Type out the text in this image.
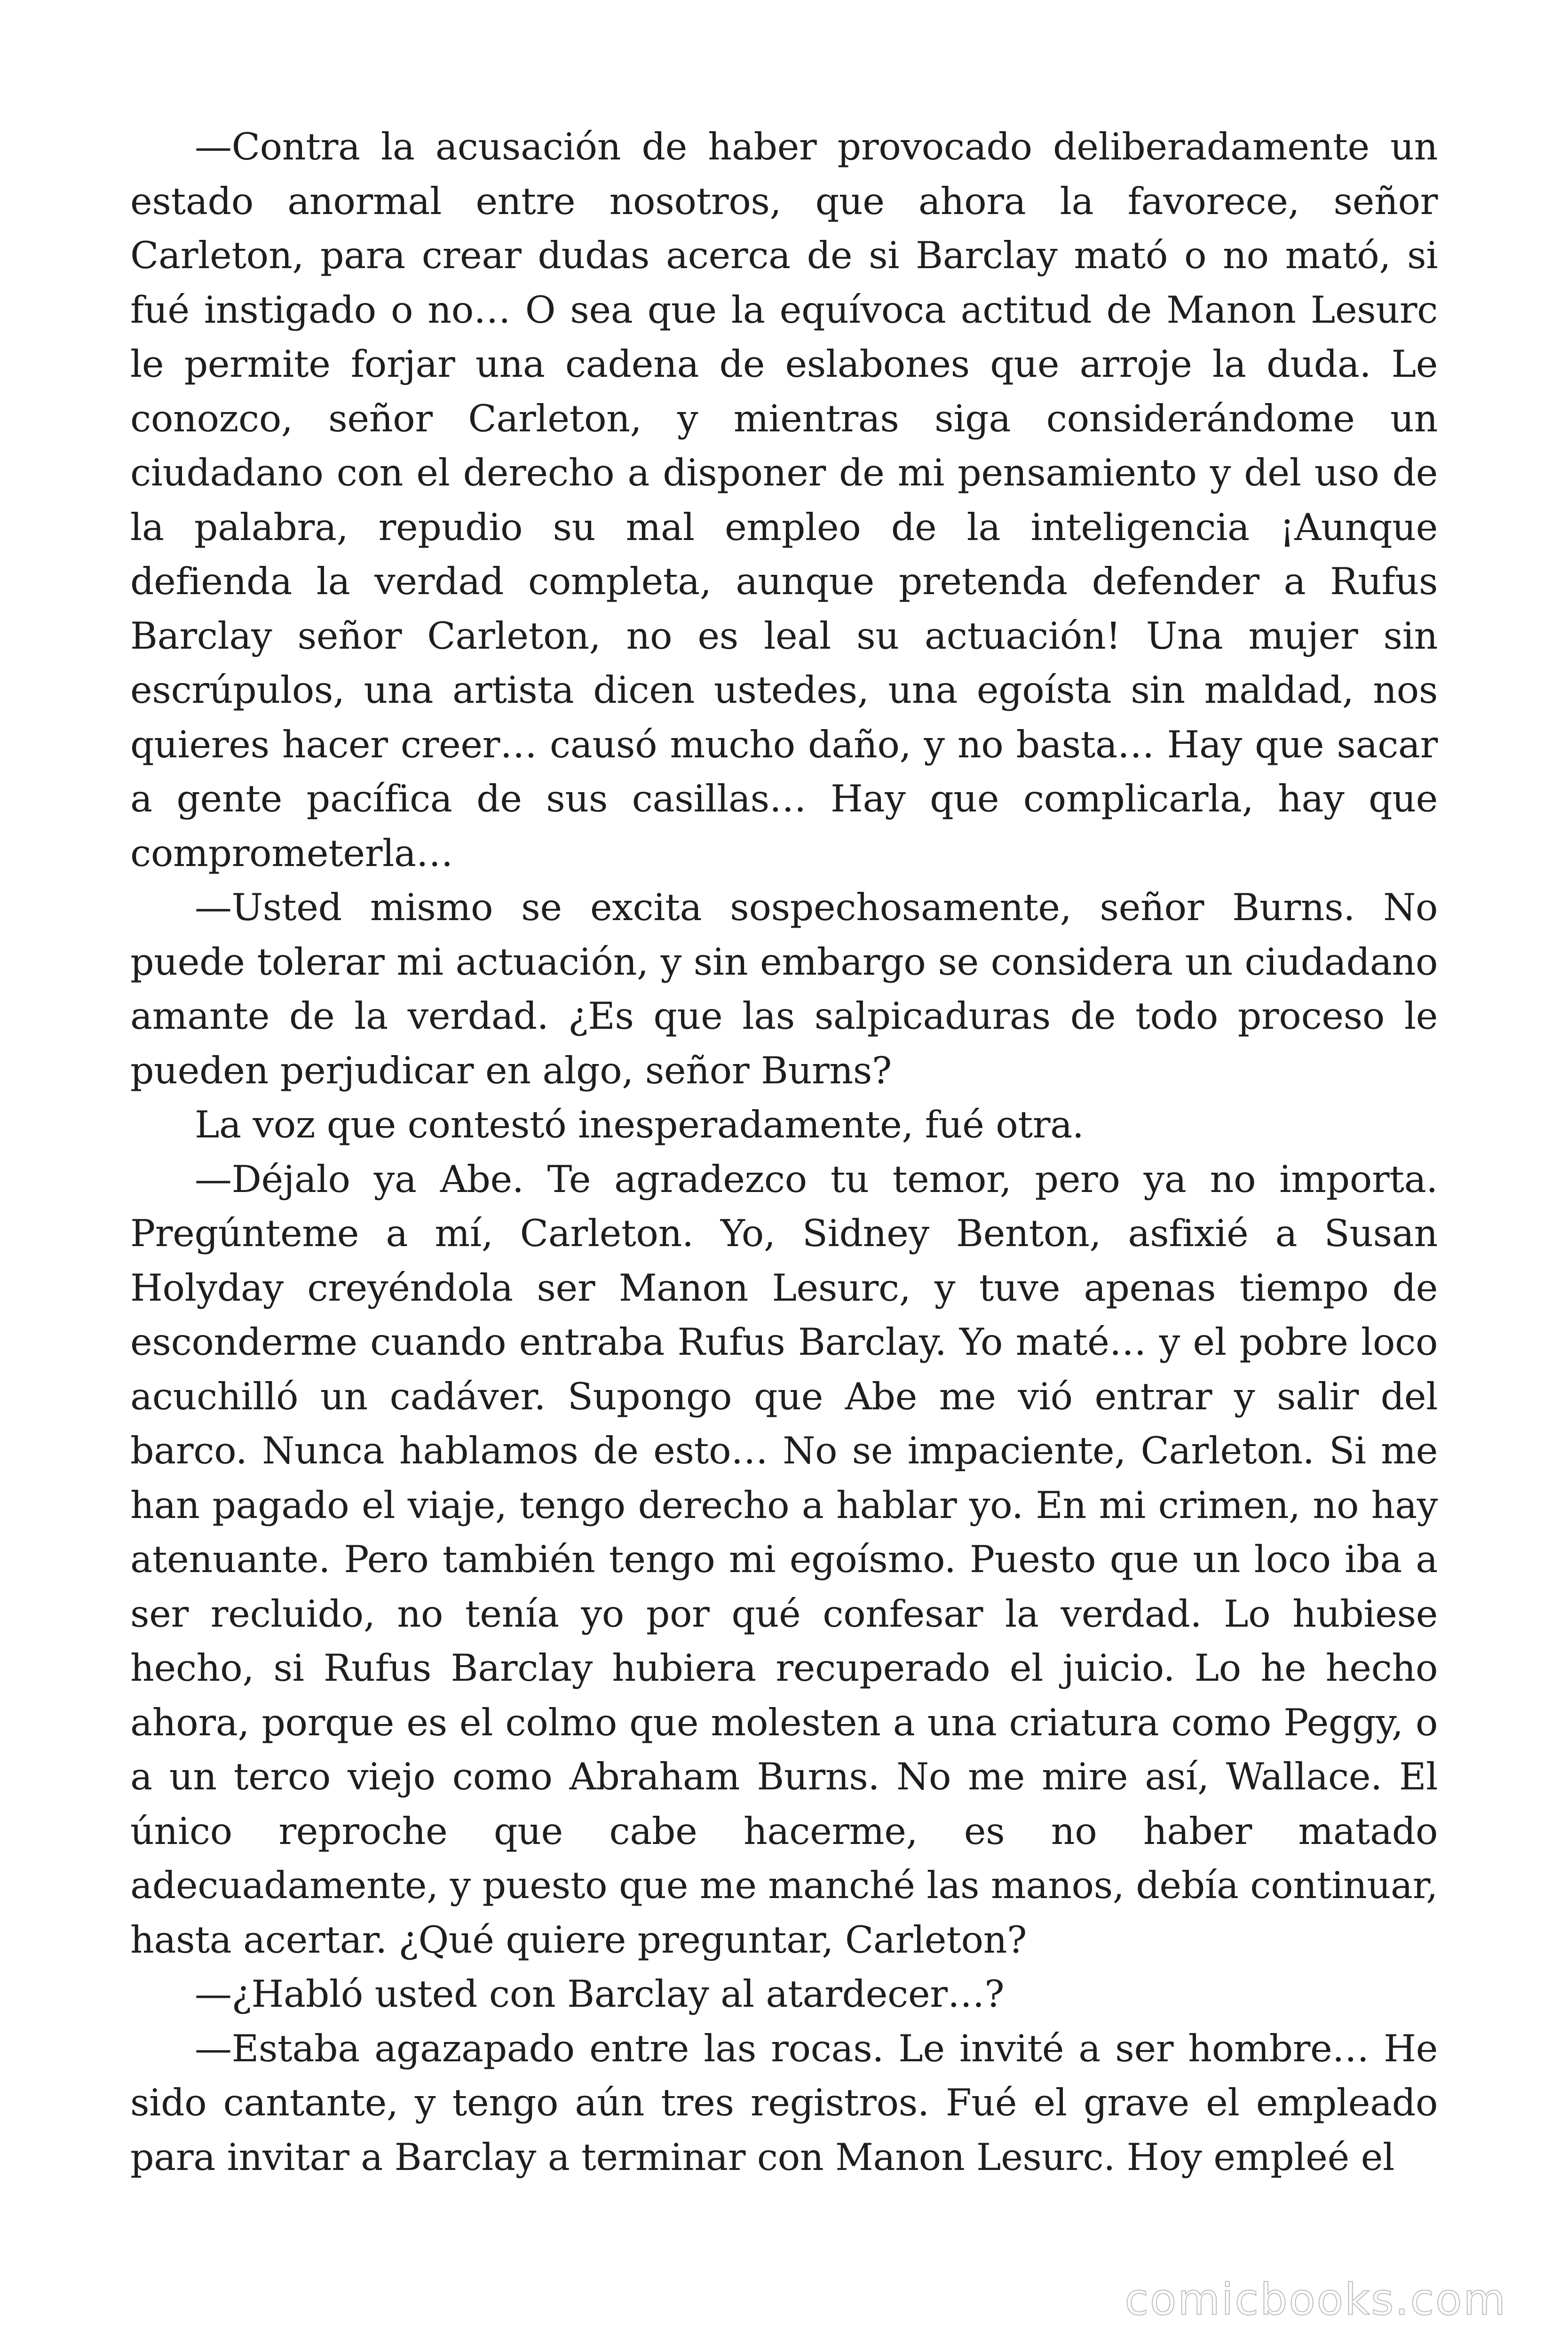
—Contra la acusación de haber provocado deliberadamente un estado anormal entre nosotros, que ahora la favorece, señor Carleton, para crear dudas acerca de si Barclay mató o no mató, si fué instigado o no… O sea que la equívoca actitud de Manon Lesurc le permite forjar una cadena de eslabones que arroje la duda. Le conozco, señor Carleton, y mientras siga considerándome un ciudadano con el derecho a disponer de mi pensamiento y del uso de la palabra, repudio su mal empleo de la inteligencia ¡Aunque defienda la verdad completa, aunque pretenda defender a Rufus Barclay señor Carleton, no es leal su actuación! Una mujer sin escrúpulos, una artista dicen ustedes, una egoísta sin maldad, nos quieres hacer creer… causó mucho daño, y no basta… Hay que sacar a gente pacífica de sus casillas… Hay que complicarla, hay que comprometerla…

—Usted mismo se excita sospechosamente, señor Burns. No puede tolerar mi actuación, y sin embargo se considera un ciudadano amante de la verdad. ¿Es que las salpicaduras de todo proceso le pueden perjudicar en algo, señor Burns?

La voz que contestó inesperadamente, fué otra.

—Déjalo ya Abe. Te agradezco tu temor, pero ya no importa. Pregúnteme a mí, Carleton. Yo, Sidney Benton, asfixié a Susan Holyday creyéndola ser Manon Lesurc, y tuve apenas tiempo de esconderme cuando entraba Rufus Barclay. Yo maté… y el pobre loco acuchilló un cadáver. Supongo que Abe me vió entrar y salir del barco. Nunca hablamos de esto… No se impaciente, Carleton. Si me han pagado el viaje, tengo derecho a hablar yo. En mi crimen, no hay atenuante. Pero también tengo mi egoísmo. Puesto que un loco iba a ser recluido, no tenía yo por qué confesar la verdad. Lo hubiese hecho, si Rufus Barclay hubiera recuperado el juicio. Lo he hecho ahora, porque es el colmo que molesten a una criatura como Peggy, o a un terco viejo como Abraham Burns. No me mire así, Wallace. El único reproche que cabe hacerme, es no haber matado adecuadamente, y puesto que me manché las manos, debía continuar, hasta acertar. ¿Qué quiere preguntar, Carleton?

—¿Habló usted con Barclay al atardecer…?

—Estaba agazapado entre las rocas. Le invité a ser hombre… He sido cantante, y tengo aún tres registros. Fué el grave el empleado para invitar a Barclay a terminar con Manon Lesurc. Hoy empleé el

comicbooks.com
